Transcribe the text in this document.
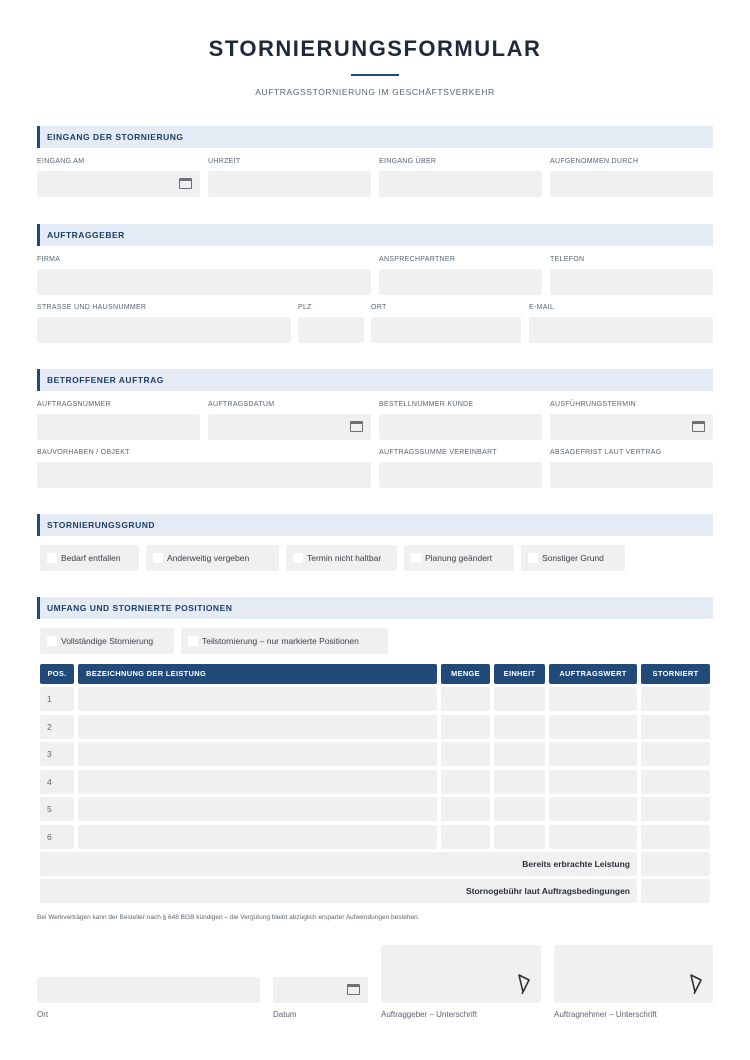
STORNIERUNGSFORMULAR
AUFTRAGSSTORNIERUNG IM GESCHÄFTSVERKEHR
EINGANG DER STORNIERUNG
EINGANG AM	UHRZEIT	EINGANG ÜBER	AUFGENOMMEN DURCH
AUFTRAGGEBER
FIRMA	ANSPRECHPARTNER	TELEFON
STRASSE UND HAUSNUMMER	PLZ	ORT	E-MAIL
BETROFFENER AUFTRAG
AUFTRAGSNUMMER	AUFTRAGSDATUM	BESTELLNUMMER KUNDE	AUSFÜHRUNGSTERMIN
BAUVORHABEN / OBJEKT	AUFTRAGSSUMME VEREINBART	ABSAGEFRIST LAUT VERTRAG
STORNIERUNGSGRUND
Bedarf entfallen	Anderweitig vergeben	Termin nicht haltbar	Planung geändert	Sonstiger Grund
UMFANG UND STORNIERTE POSITIONEN
Vollständige Stornierung	Teilstornierung – nur markierte Positionen
POS.	BEZEICHNUNG DER LEISTUNG	MENGE	EINHEIT	AUFTRAGSWERT	STORNIERT
1
2
3
4
5
6
Bereits erbrachte Leistung
Stornogebühr laut Auftragsbedingungen
Bei Werkverträgen kann der Besteller nach § 648 BGB kündigen – die Vergütung bleibt abzüglich ersparter Aufwendungen bestehen.
Ort	Datum	Auftraggeber – Unterschrift	Auftragnehmer – Unterschrift
